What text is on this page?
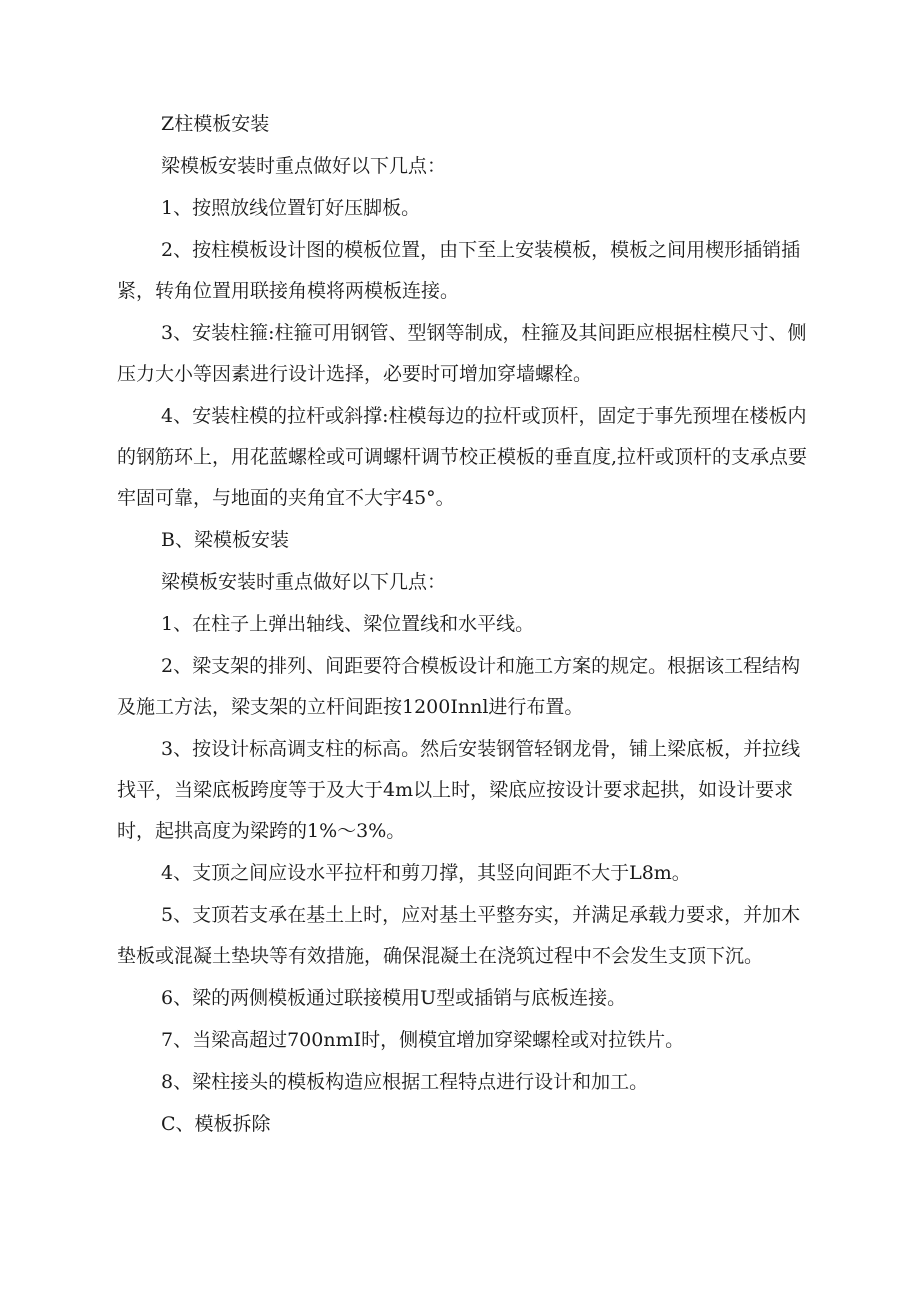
Z柱模板安装

梁模板安装时重点做好以下几点：

1、按照放线位置钉好压脚板。

2、按柱模板设计图的模板位置，由下至上安装模板，模板之间用楔形插销插紧，转角位置用联接角模将两模板连接。

3、安装柱箍:柱箍可用钢管、型钢等制成，柱箍及其间距应根据柱模尺寸、侧压力大小等因素进行设计选择，必要时可增加穿墙螺栓。

4、安装柱模的拉杆或斜撑:柱模每边的拉杆或顶杆，固定于事先预埋在楼板内的钢筋环上，用花蓝螺栓或可调螺杆调节校正模板的垂直度,拉杆或顶杆的支承点要牢固可靠，与地面的夹角宜不大宇45°。

B、梁模板安装

梁模板安装时重点做好以下几点：

1、在柱子上弹出轴线、梁位置线和水平线。

2、梁支架的排列、间距要符合模板设计和施工方案的规定。根据该工程结构及施工方法，梁支架的立杆间距按1200Innl进行布置。

3、按设计标高调支柱的标高。然后安装钢管轻钢龙骨，铺上梁底板，并拉线找平，当梁底板跨度等于及大于4m以上时，梁底应按设计要求起拱，如设计要求时，起拱高度为梁跨的1%～3%。

4、支顶之间应设水平拉杆和剪刀撑，其竖向间距不大于L8m。

5、支顶若支承在基土上时，应对基土平整夯实，并满足承载力要求，并加木垫板或混凝土垫块等有效措施，确保混凝土在浇筑过程中不会发生支顶下沉。

6、梁的两侧模板通过联接模用U型或插销与底板连接。

7、当梁高超过700nmI时，侧模宜增加穿梁螺栓或对拉铁片。

8、梁柱接头的模板构造应根据工程特点进行设计和加工。

C、模板拆除
